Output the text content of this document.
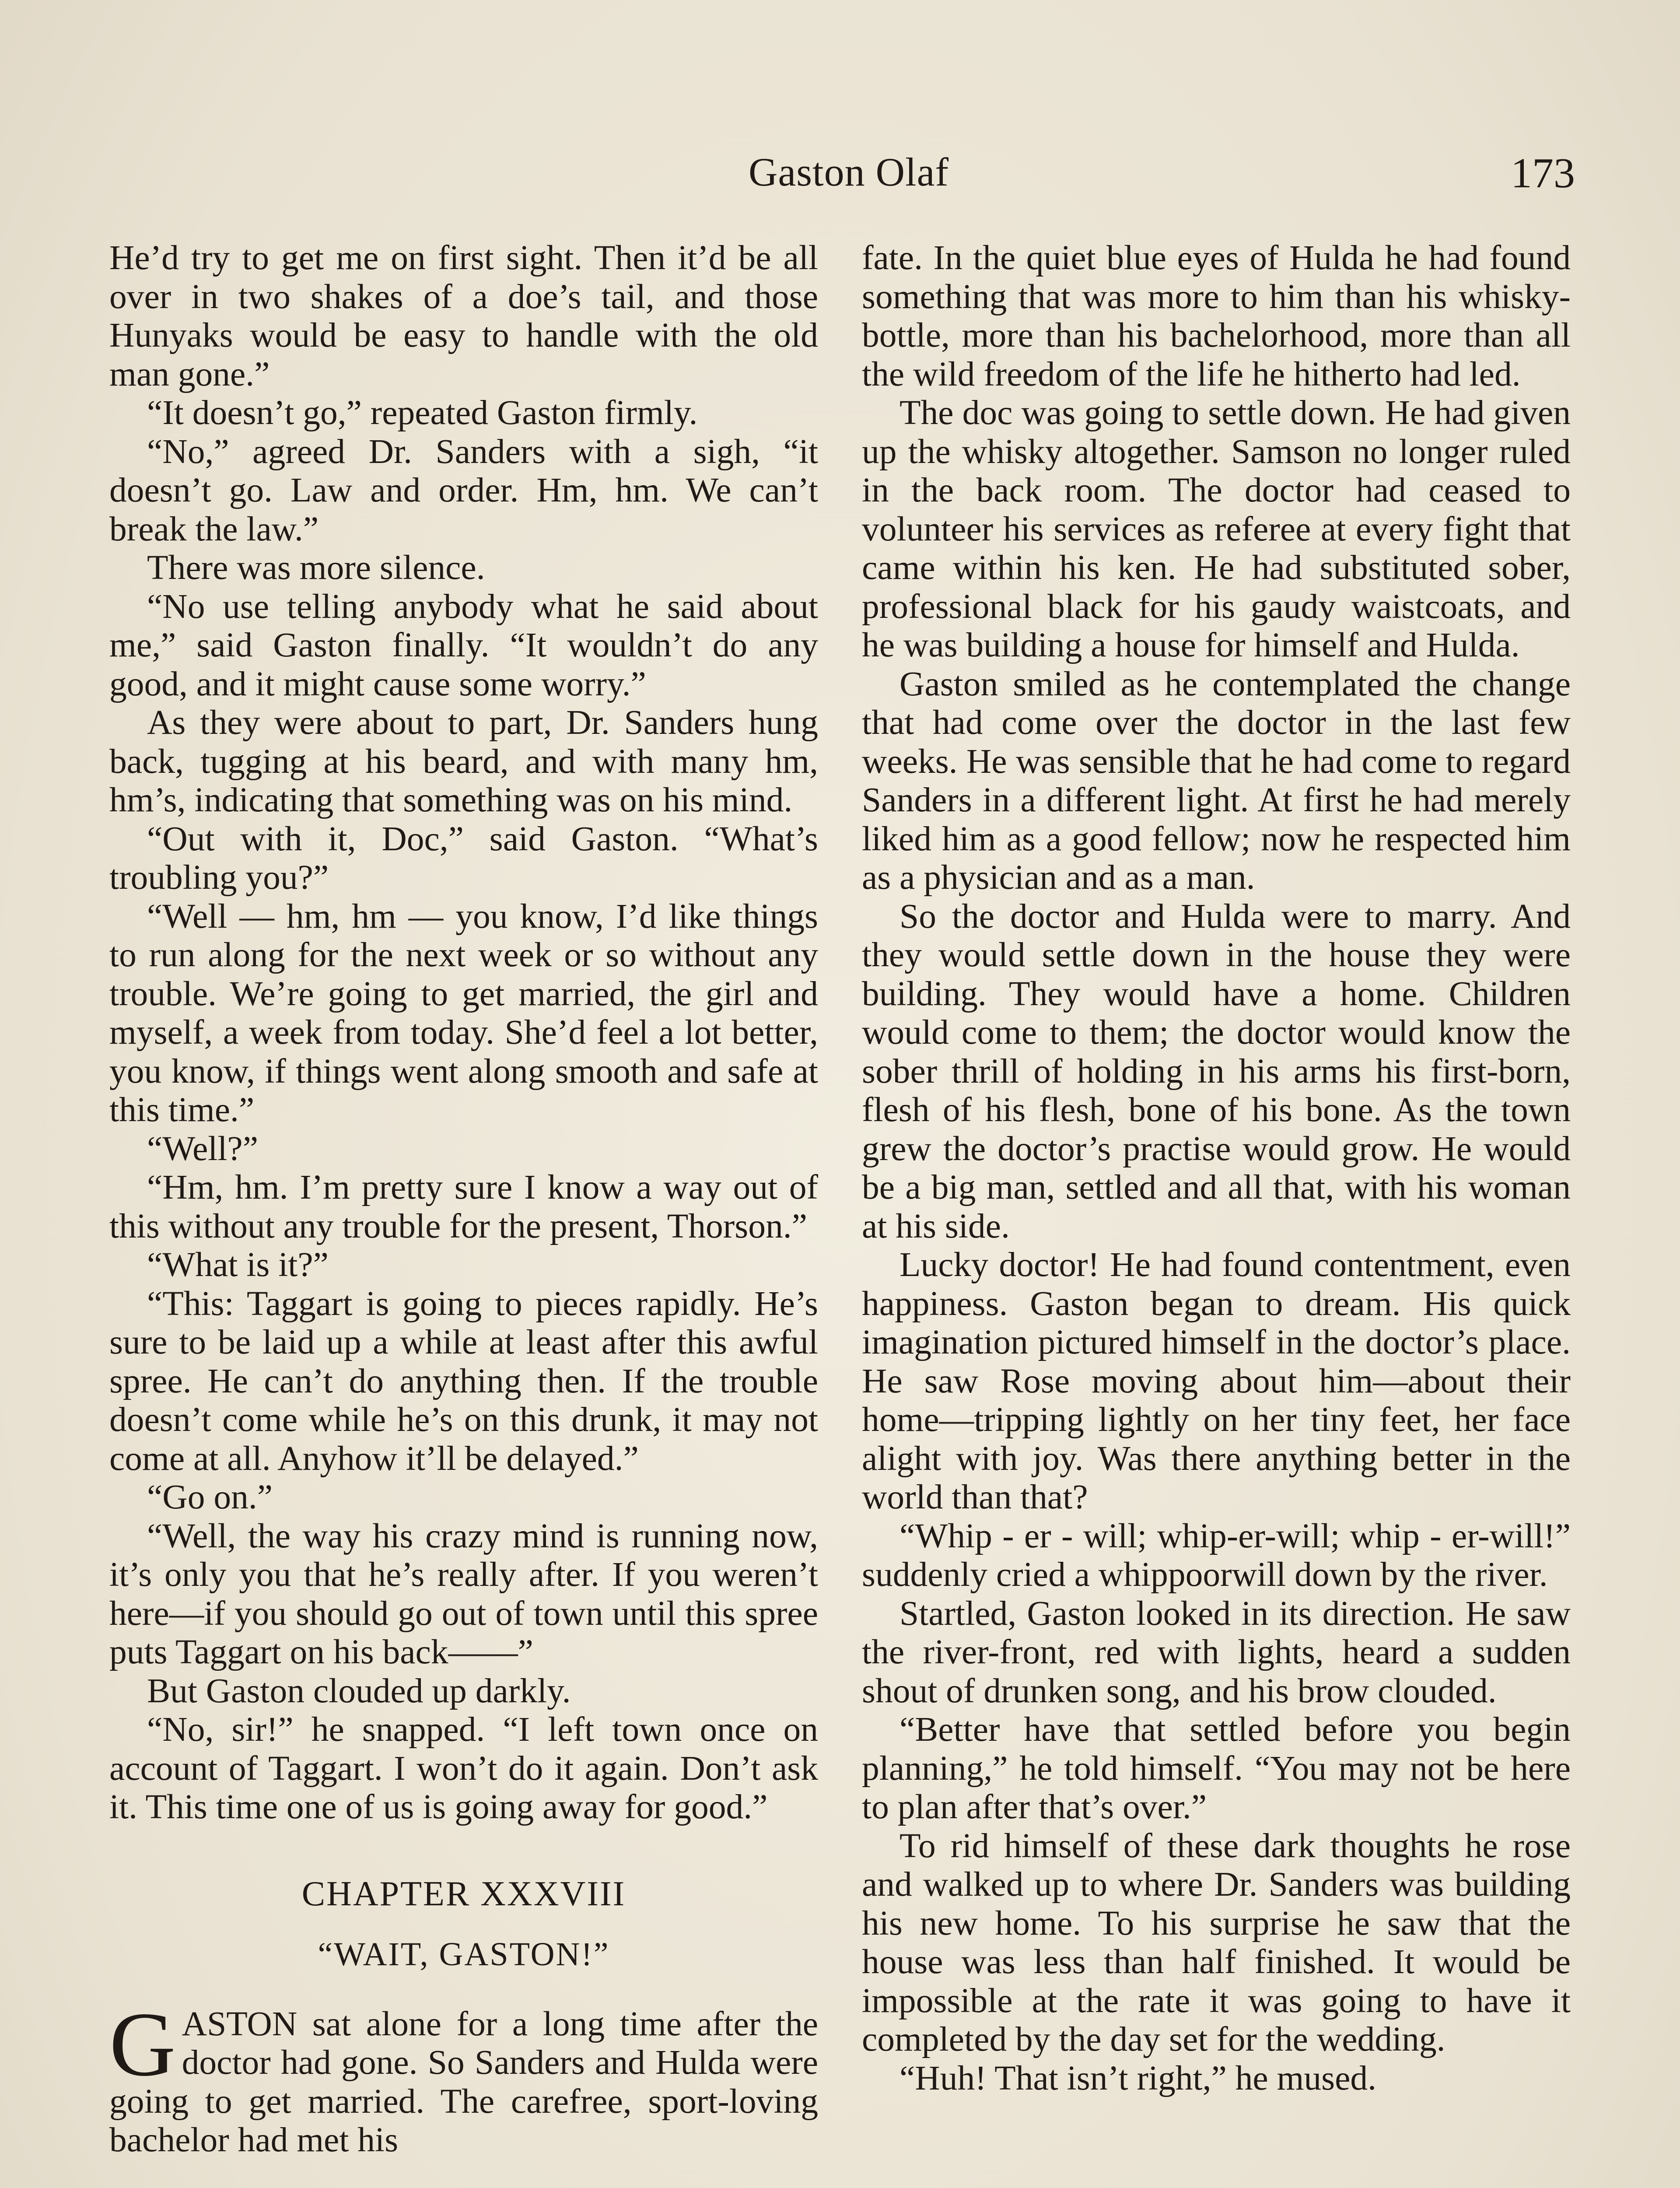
Gaston Olaf	173

He’d try to get me on first sight. Then it’d be all over in two shakes of a doe’s tail, and those Hunyaks would be easy to handle with the old man gone.”

“It doesn’t go,” repeated Gaston firmly.

“No,” agreed Dr. Sanders with a sigh, “it doesn’t go. Law and order. Hm, hm. We can’t break the law.”

There was more silence.

“No use telling anybody what he said about me,” said Gaston finally. “It wouldn’t do any good, and it might cause some worry.”

As they were about to part, Dr. Sanders hung back, tugging at his beard, and with many hm, hm’s, indicating that something was on his mind.

“Out with it, Doc,” said Gaston. “What’s troubling you?”

“Well — hm, hm — you know, I’d like things to run along for the next week or so without any trouble. We’re going to get married, the girl and myself, a week from today. She’d feel a lot better, you know, if things went along smooth and safe at this time.”

“Well?”

“Hm, hm. I’m pretty sure I know a way out of this without any trouble for the present, Thorson.”

“What is it?”

“This: Taggart is going to pieces rapidly. He’s sure to be laid up a while at least after this awful spree. He can’t do anything then. If the trouble doesn’t come while he’s on this drunk, it may not come at all. Anyhow it’ll be delayed.”

“Go on.”

“Well, the way his crazy mind is running now, it’s only you that he’s really after. If you weren’t here—if you should go out of town until this spree puts Taggart on his back——”

But Gaston clouded up darkly.

“No, sir!” he snapped. “I left town once on account of Taggart. I won’t do it again. Don’t ask it. This time one of us is going away for good.”

CHAPTER XXXVIII
“WAIT, GASTON!”

GASTON sat alone for a long time after the doctor had gone. So Sanders and Hulda were going to get married. The carefree, sport-loving bachelor had met his

fate. In the quiet blue eyes of Hulda he had found something that was more to him than his whisky-bottle, more than his bachelorhood, more than all the wild freedom of the life he hitherto had led.

The doc was going to settle down. He had given up the whisky altogether. Samson no longer ruled in the back room. The doctor had ceased to volunteer his services as referee at every fight that came within his ken. He had substituted sober, professional black for his gaudy waistcoats, and he was building a house for himself and Hulda.

Gaston smiled as he contemplated the change that had come over the doctor in the last few weeks. He was sensible that he had come to regard Sanders in a different light. At first he had merely liked him as a good fellow; now he respected him as a physician and as a man.

So the doctor and Hulda were to marry. And they would settle down in the house they were building. They would have a home. Children would come to them; the doctor would know the sober thrill of holding in his arms his first-born, flesh of his flesh, bone of his bone. As the town grew the doctor’s practise would grow. He would be a big man, settled and all that, with his woman at his side.

Lucky doctor! He had found contentment, even happiness. Gaston began to dream. His quick imagination pictured himself in the doctor’s place. He saw Rose moving about him—about their home—tripping lightly on her tiny feet, her face alight with joy. Was there anything better in the world than that?

“Whip - er - will; whip-er-will; whip - er-will!” suddenly cried a whippoorwill down by the river.

Startled, Gaston looked in its direction. He saw the river-front, red with lights, heard a sudden shout of drunken song, and his brow clouded.

“Better have that settled before you begin planning,” he told himself. “You may not be here to plan after that’s over.”

To rid himself of these dark thoughts he rose and walked up to where Dr. Sanders was building his new home. To his surprise he saw that the house was less than half finished. It would be impossible at the rate it was going to have it completed by the day set for the wedding.

“Huh! That isn’t right,” he mused.
